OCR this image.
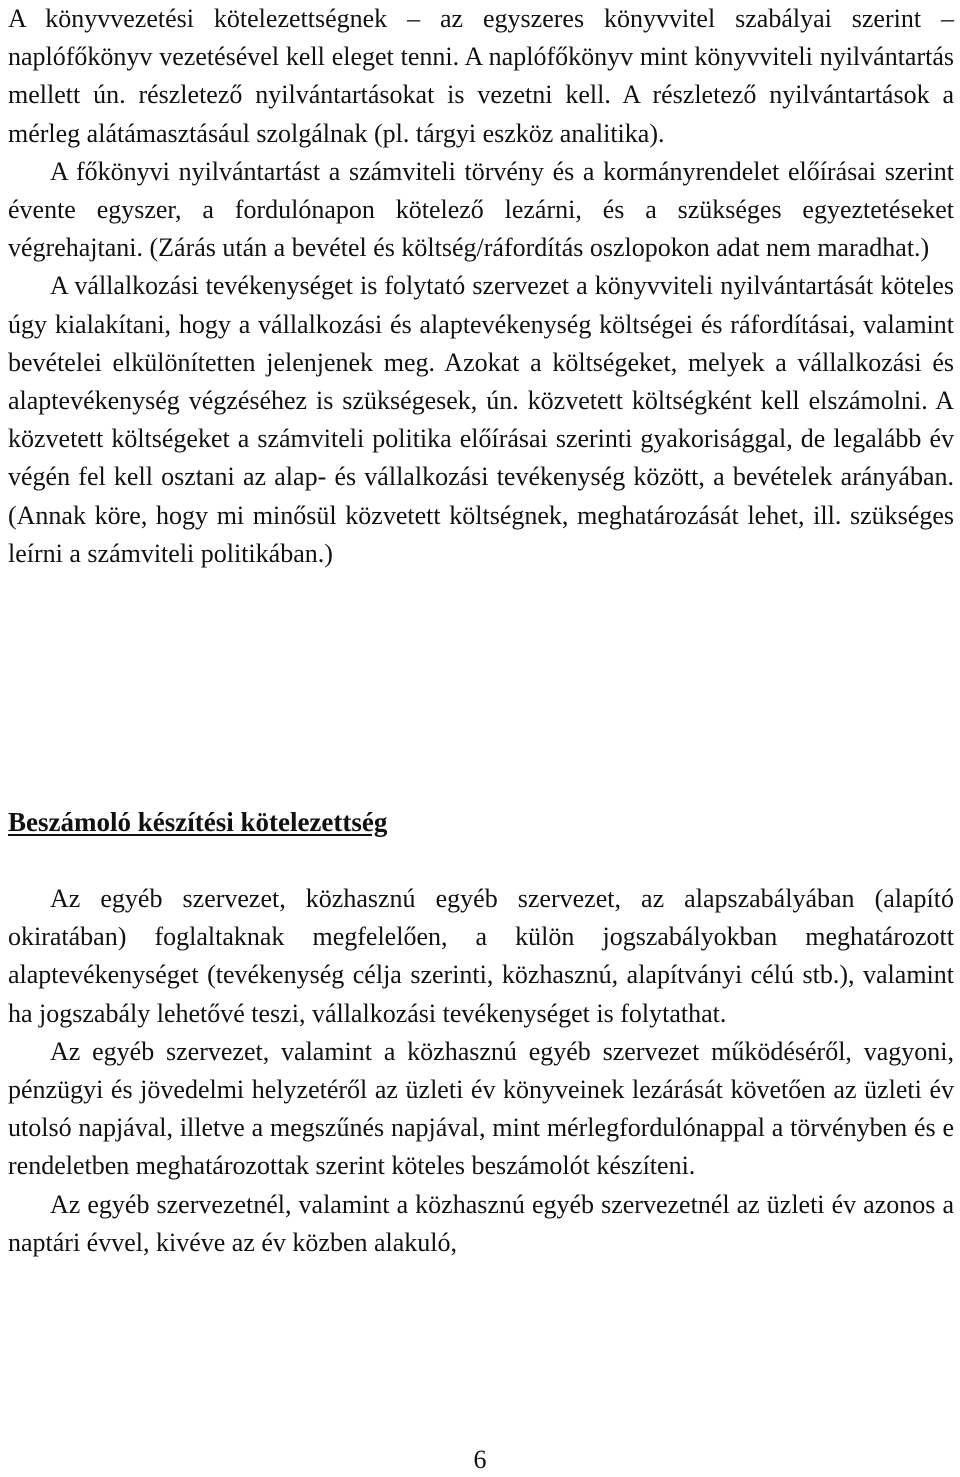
A könyvvezetési kötelezettségnek – az egyszeres könyvvitel szabályai szerint – naplófőkönyv vezetésével kell eleget tenni. A naplófőkönyv mint könyvviteli nyilvántartás mellett ún. részletező nyilvántartásokat is vezetni kell. A részletező nyilvántartások a mérleg alátámasztásául szolgálnak (pl. tárgyi eszköz analitika).

A főkönyvi nyilvántartást a számviteli törvény és a kormányrendelet előírásai szerint évente egyszer, a fordulónapon kötelező lezárni, és a szükséges egyeztetéseket végrehajtani. (Zárás után a bevétel és költség/ráfordítás oszlopokon adat nem maradhat.)

A vállalkozási tevékenységet is folytató szervezet a könyvviteli nyilvántartását köteles úgy kialakítani, hogy a vállalkozási és alaptevékenység költségei és ráfordításai, valamint bevételei elkülönítetten jelenjenek meg. Azokat a költségeket, melyek a vállalkozási és alaptevékenység végzéséhez is szükségesek, ún. közvetett költségként kell elszámolni. A közvetett költségeket a számviteli politika előírásai szerinti gyakorisággal, de legalább év végén fel kell osztani az alap- és vállalkozási tevékenység között, a bevételek arányában. (Annak köre, hogy mi minősül közvetett költségnek, meghatározását lehet, ill. szükséges leírni a számviteli politikában.)

Beszámoló készítési kötelezettség

Az egyéb szervezet, közhasznú egyéb szervezet, az alapszabályában (alapító okiratában) foglaltaknak megfelelően, a külön jogszabályokban meghatározott alaptevékenységet (tevékenység célja szerinti, közhasznú, alapítványi célú stb.), valamint ha jogszabály lehetővé teszi, vállalkozási tevékenységet is folytathat.

Az egyéb szervezet, valamint a közhasznú egyéb szervezet működéséről, vagyoni, pénzügyi és jövedelmi helyzetéről az üzleti év könyveinek lezárását követően az üzleti év utolsó napjával, illetve a megszűnés napjával, mint mérlegfordulónappal a törvényben és e rendeletben meghatározottak szerint köteles beszámolót készíteni.

Az egyéb szervezetnél, valamint a közhasznú egyéb szervezetnél az üzleti év azonos a naptári évvel, kivéve az év közben alakuló,

6
